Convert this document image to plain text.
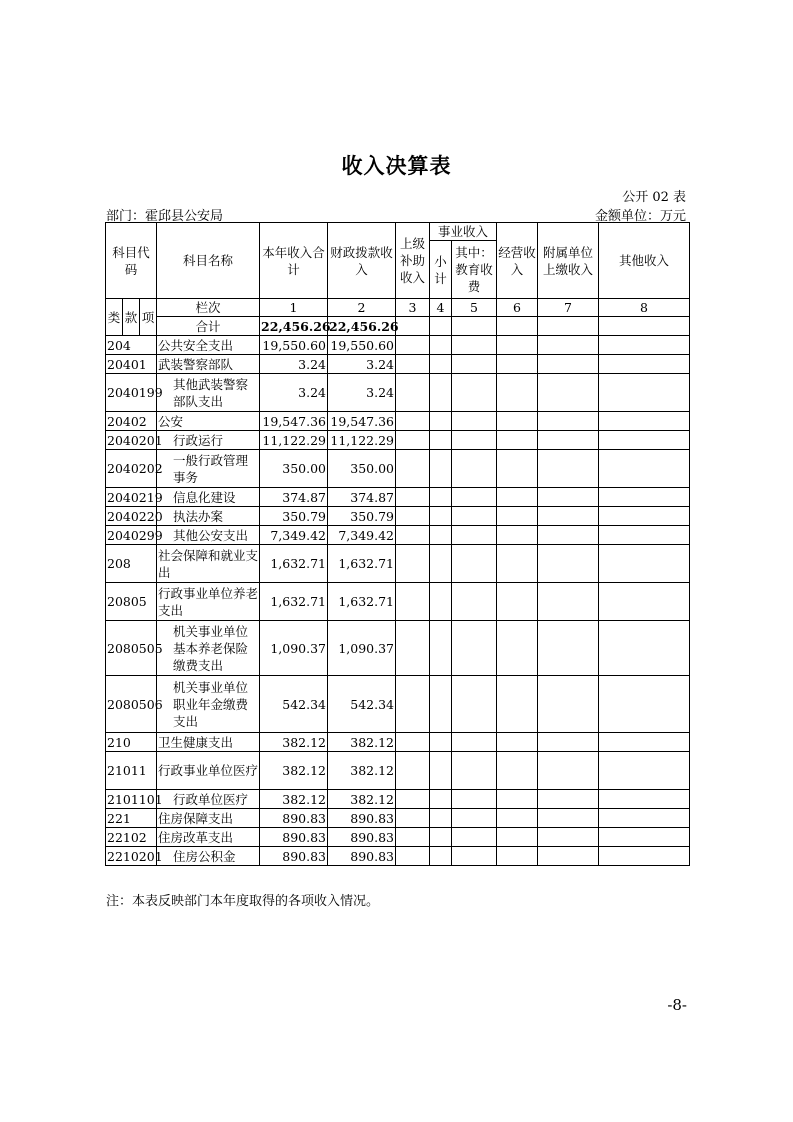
收入决算表
公开 02 表
部门：霍邱县公安局	金额单位：万元
科目代码			科目名称	本年收入合计	财政拨款收入	上级补助收入	事业收入		经营收入	附属单位上缴收入	其他收入
							小计	其中：教育收费			

类	款	项	栏次	1	2	3	4	5	6	7	8
			合计	22,456.26	22,456.26						
204			公共安全支出	19,550.60	19,550.60						
20401			武装警察部队	3.24	3.24						
2040199			其他武装警察部队支出	3.24	3.24						
20402			公安	19,547.36	19,547.36						
2040201			行政运行	11,122.29	11,122.29						
2040202			一般行政管理事务	350.00	350.00						
2040219			信息化建设	374.87	374.87						
2040220			执法办案	350.79	350.79						
2040299			其他公安支出	7,349.42	7,349.42						
208			社会保障和就业支出	1,632.71	1,632.71						
20805			行政事业单位养老支出	1,632.71	1,632.71						
2080505			机关事业单位基本养老保险缴费支出	1,090.37	1,090.37						
2080506			机关事业单位职业年金缴费支出	542.34	542.34						
210			卫生健康支出	382.12	382.12						
21011			行政事业单位医疗	382.12	382.12						
2101101			行政单位医疗	382.12	382.12						
221			住房保障支出	890.83	890.83						
22102			住房改革支出	890.83	890.83						
2210201			住房公积金	890.83	890.83						
注：本表反映部门本年度取得的各项收入情况。
-8-
